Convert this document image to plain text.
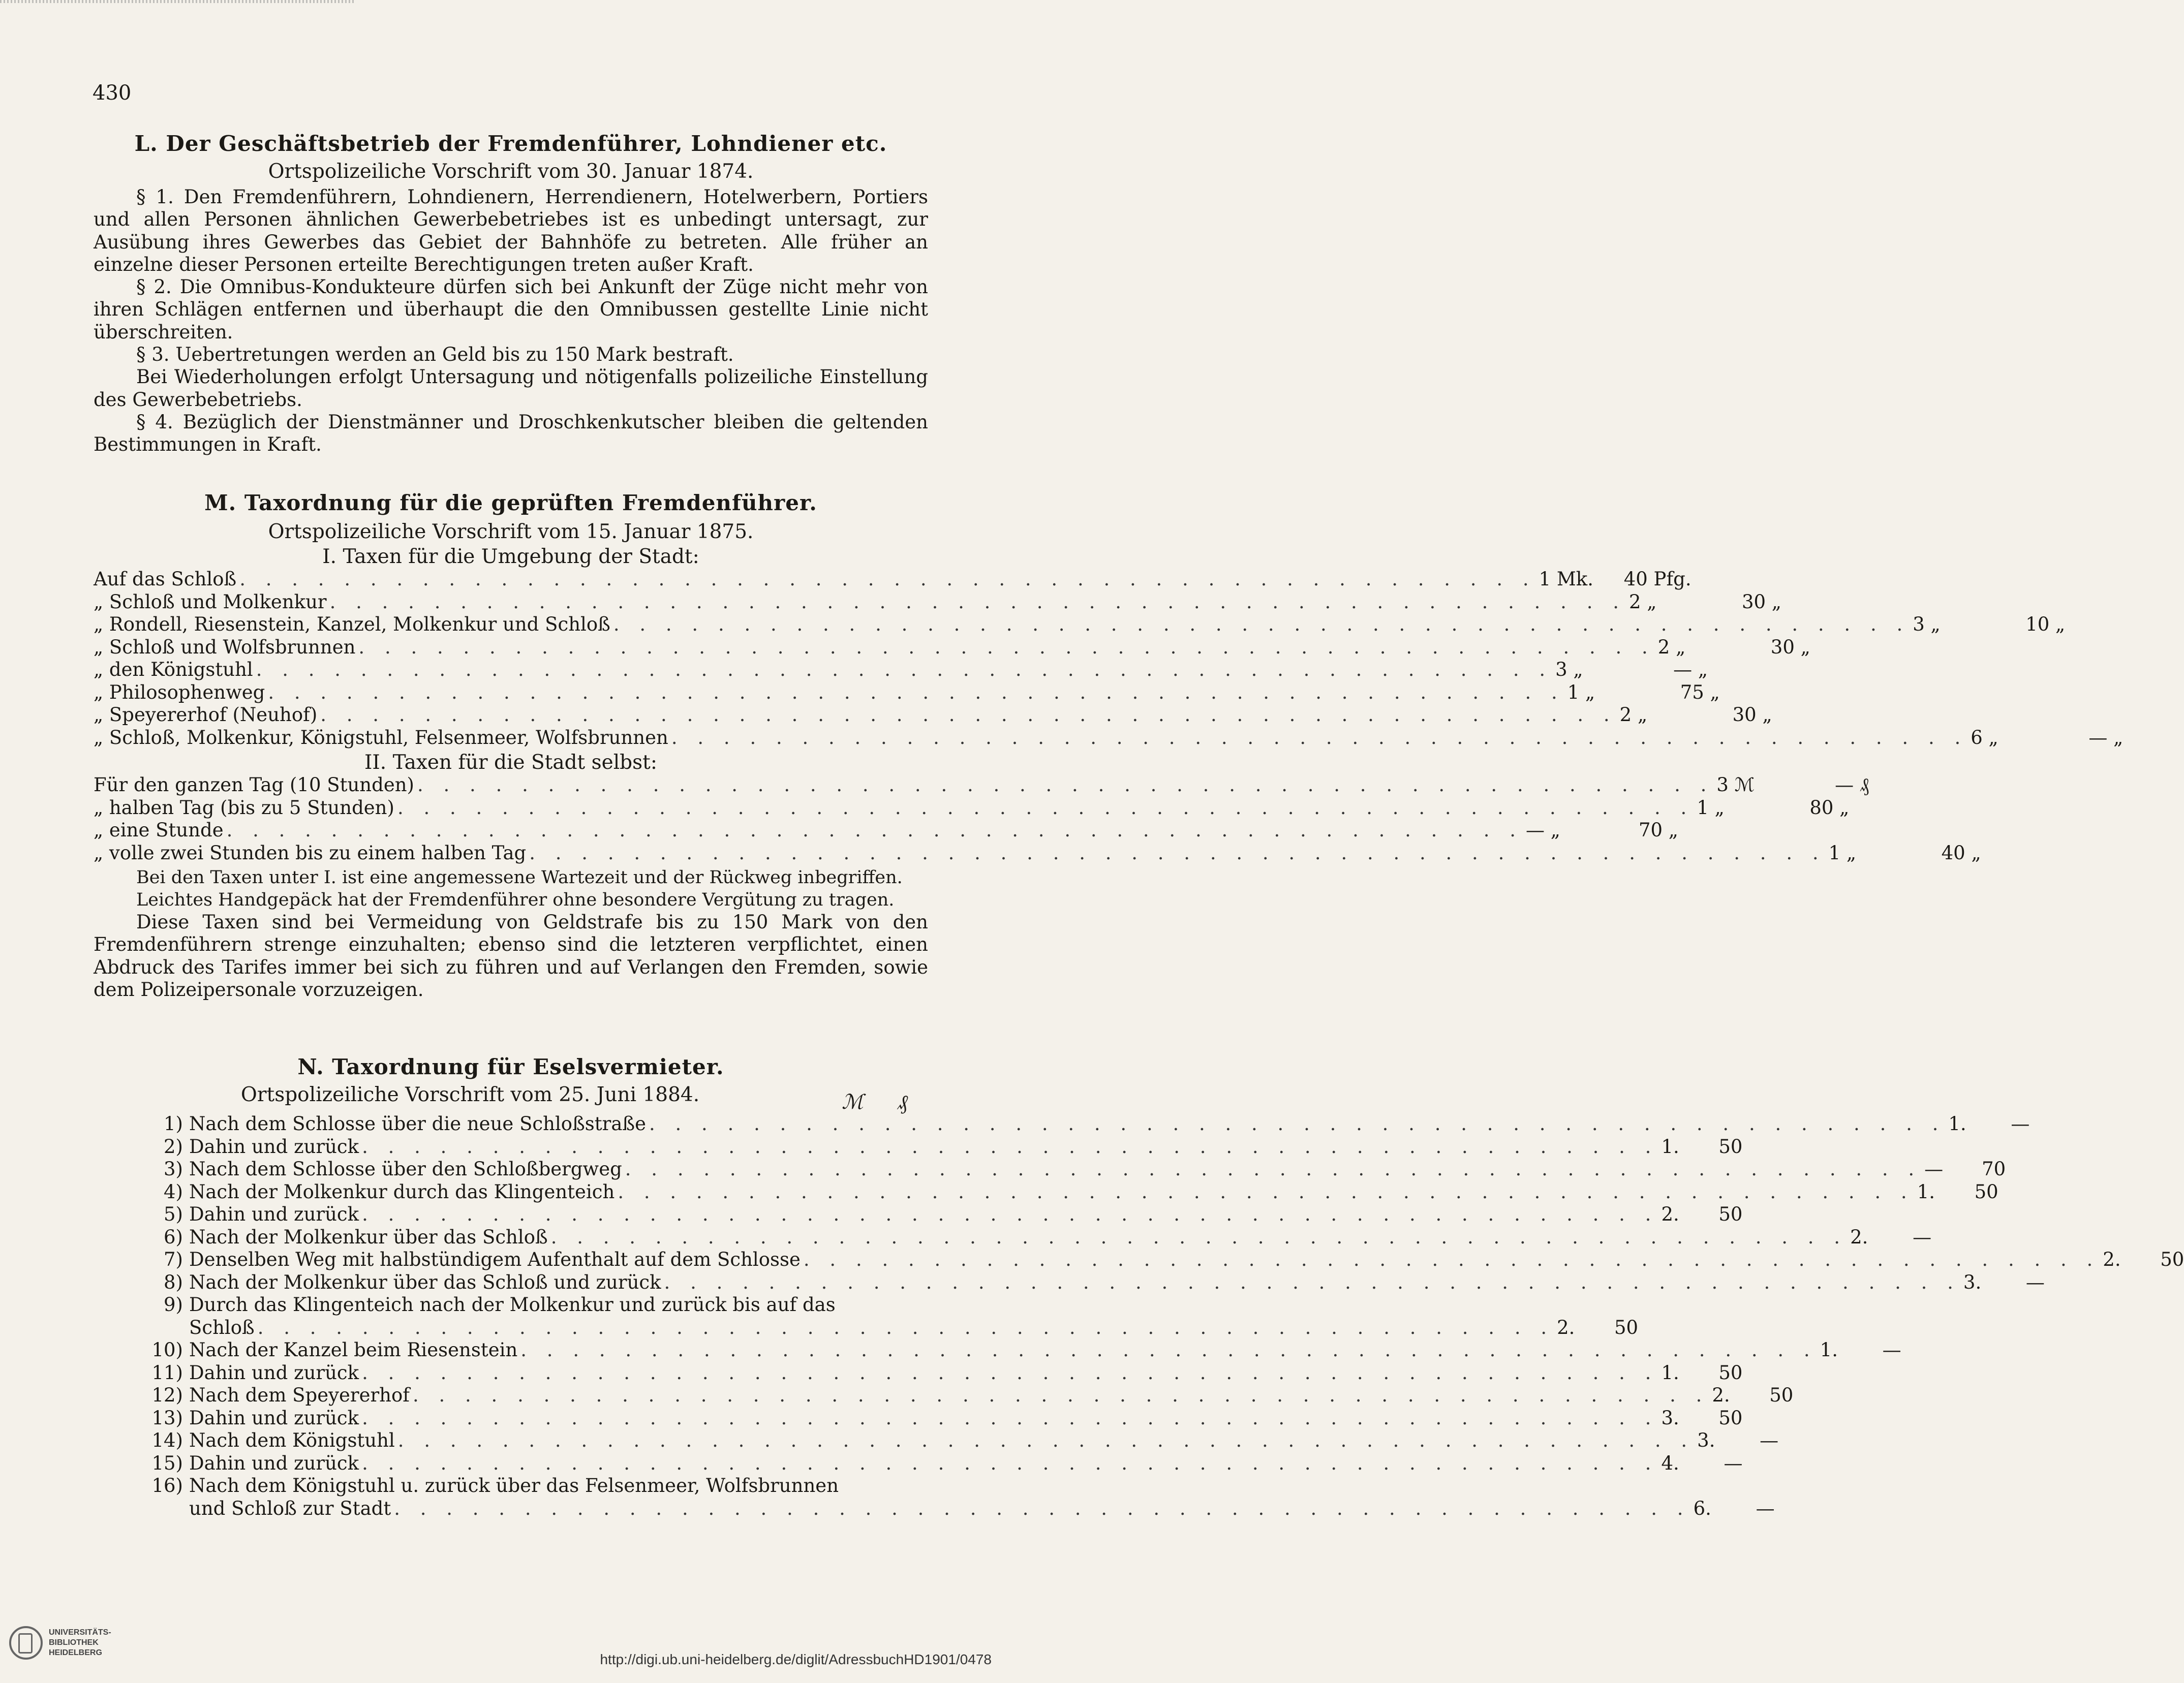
430
L. Der Geschäftsbetrieb der Fremdenführer, Lohndiener etc.
Ortspolizeiliche Vorschrift vom 30. Januar 1874.
§ 1. Den Fremdenführern, Lohndienern, Herrendienern, Hotelwerbern, Portiers und allen Personen ähnlichen Gewerbebetriebes ist es unbedingt untersagt, zur Ausübung ihres Gewerbes das Gebiet der Bahnhöfe zu betreten. Alle früher an einzelne dieser Personen erteilte Berechtigungen treten außer Kraft.
§ 2. Die Omnibus-Kondukteure dürfen sich bei Ankunft der Züge nicht mehr von ihren Schlägen entfernen und überhaupt die den Omnibussen gestellte Linie nicht überschreiten.
§ 3. Uebertretungen werden an Geld bis zu 150 Mark bestraft.
Bei Wiederholungen erfolgt Untersagung und nötigenfalls polizeiliche Einstellung des Gewerbebetriebs.
§ 4. Bezüglich der Dienstmänner und Droschkenkutscher bleiben die geltenden Bestimmungen in Kraft.
M. Taxordnung für die geprüften Fremdenführer.
Ortspolizeiliche Vorschrift vom 15. Januar 1875.
I. Taxen für die Umgebung der Stadt:
Auf das Schloß . . . . . . . . . . . . . . . . . . . . . . . . . . . . . . . . . . . . . . . . . . . . . . . . . . 1 Mk. 40 Pfg.
„ Schloß und Molkenkur . . . . . . . . . . . . . . . . . . . . . . . . . . . . . . . . . . . . . . . . . . . . . . . . . . 2 „	30 „
„ Rondell, Riesenstein, Kanzel, Molkenkur und Schloß . . . . . . . . . . . . . . . . . . . . . . . . . . . . . . . . . . . . . . . . . . . . . . . . . . 3 „	10 „
„ Schloß und Wolfsbrunnen . . . . . . . . . . . . . . . . . . . . . . . . . . . . . . . . . . . . . . . . . . . . . . . . . . 2 „	30 „
„ den Königstuhl . . . . . . . . . . . . . . . . . . . . . . . . . . . . . . . . . . . . . . . . . . . . . . . . . . 3 „	— „
„ Philosophenweg . . . . . . . . . . . . . . . . . . . . . . . . . . . . . . . . . . . . . . . . . . . . . . . . . . 1 „	75 „
„ Speyererhof (Neuhof) . . . . . . . . . . . . . . . . . . . . . . . . . . . . . . . . . . . . . . . . . . . . . . . . . . 2 „	30 „
„ Schloß, Molkenkur, Königstuhl, Felsenmeer, Wolfsbrunnen . . . . . . . . . . . . . . . . . . . . . . . . . . . . . . . . . . . . . . . . . . . . . . . . . . 6 „	— „
II. Taxen für die Stadt selbst:
Für den ganzen Tag (10 Stunden) . . . . . . . . . . . . . . . . . . . . . . . . . . . . . . . . . . . . . . . . . . . . . . . . . . 3 ℳ	— ₰
„ halben Tag (bis zu 5 Stunden) . . . . . . . . . . . . . . . . . . . . . . . . . . . . . . . . . . . . . . . . . . . . . . . . . . 1 „	80 „
„ eine Stunde . . . . . . . . . . . . . . . . . . . . . . . . . . . . . . . . . . . . . . . . . . . . . . . . . . — „	70 „
„ volle zwei Stunden bis zu einem halben Tag . . . . . . . . . . . . . . . . . . . . . . . . . . . . . . . . . . . . . . . . . . . . . . . . . . 1 „	40 „
Bei den Taxen unter I. ist eine angemessene Wartezeit und der Rückweg inbegriffen.
Leichtes Handgepäck hat der Fremdenführer ohne besondere Vergütung zu tragen.
Diese Taxen sind bei Vermeidung von Geldstrafe bis zu 150 Mark von den Fremdenführern strenge einzuhalten; ebenso sind die letzteren verpflichtet, einen Abdruck des Tarifes immer bei sich zu führen und auf Verlangen den Fremden, sowie dem Polizeipersonale vorzuzeigen.
N. Taxordnung für Eselsvermieter.
Ortspolizeiliche Vorschrift vom 25. Juni 1884.	ℳ ₰
1) Nach dem Schlosse über die neue Schloßstraße . . . . . . . . . . . . . . . . . . . . . . . . . . . . . . . . . . . . . . . . . . . . . . . . . . 1. —
2) Dahin und zurück . . . . . . . . . . . . . . . . . . . . . . . . . . . . . . . . . . . . . . . . . . . . . . . . . . 1. 50
3) Nach dem Schlosse über den Schloßbergweg . . . . . . . . . . . . . . . . . . . . . . . . . . . . . . . . . . . . . . . . . . . . . . . . . . — 70
4) Nach der Molkenkur durch das Klingenteich . . . . . . . . . . . . . . . . . . . . . . . . . . . . . . . . . . . . . . . . . . . . . . . . . . 1. 50
5) Dahin und zurück . . . . . . . . . . . . . . . . . . . . . . . . . . . . . . . . . . . . . . . . . . . . . . . . . . 2. 50
6) Nach der Molkenkur über das Schloß . . . . . . . . . . . . . . . . . . . . . . . . . . . . . . . . . . . . . . . . . . . . . . . . . . 2. —
7) Denselben Weg mit halbstündigem Aufenthalt auf dem Schlosse . . . . . . . . . . . . . . . . . . . . . . . . . . . . . . . . . . . . . . . . . . . . . . . . . . 2. 50
8) Nach der Molkenkur über das Schloß und zurück . . . . . . . . . . . . . . . . . . . . . . . . . . . . . . . . . . . . . . . . . . . . . . . . . . 3. —
9) Durch das Klingenteich nach der Molkenkur und zurück bis auf das
Schloß . . . . . . . . . . . . . . . . . . . . . . . . . . . . . . . . . . . . . . . . . . . . . . . . . . 2. 50
10) Nach der Kanzel beim Riesenstein . . . . . . . . . . . . . . . . . . . . . . . . . . . . . . . . . . . . . . . . . . . . . . . . . . 1. —
11) Dahin und zurück . . . . . . . . . . . . . . . . . . . . . . . . . . . . . . . . . . . . . . . . . . . . . . . . . . 1. 50
12) Nach dem Speyererhof . . . . . . . . . . . . . . . . . . . . . . . . . . . . . . . . . . . . . . . . . . . . . . . . . . 2. 50
13) Dahin und zurück . . . . . . . . . . . . . . . . . . . . . . . . . . . . . . . . . . . . . . . . . . . . . . . . . . 3. 50
14) Nach dem Königstuhl . . . . . . . . . . . . . . . . . . . . . . . . . . . . . . . . . . . . . . . . . . . . . . . . . . 3. —
15) Dahin und zurück . . . . . . . . . . . . . . . . . . . . . . . . . . . . . . . . . . . . . . . . . . . . . . . . . . 4. —
16) Nach dem Königstuhl u. zurück über das Felsenmeer, Wolfsbrunnen
und Schloß zur Stadt . . . . . . . . . . . . . . . . . . . . . . . . . . . . . . . . . . . . . . . . . . . . . . . . . . 6. —
UNIVERSITÄTS-
BIBLIOTHEK
HEIDELBERG	http://digi.ub.uni-heidelberg.de/diglit/AdressbuchHD1901/0478
